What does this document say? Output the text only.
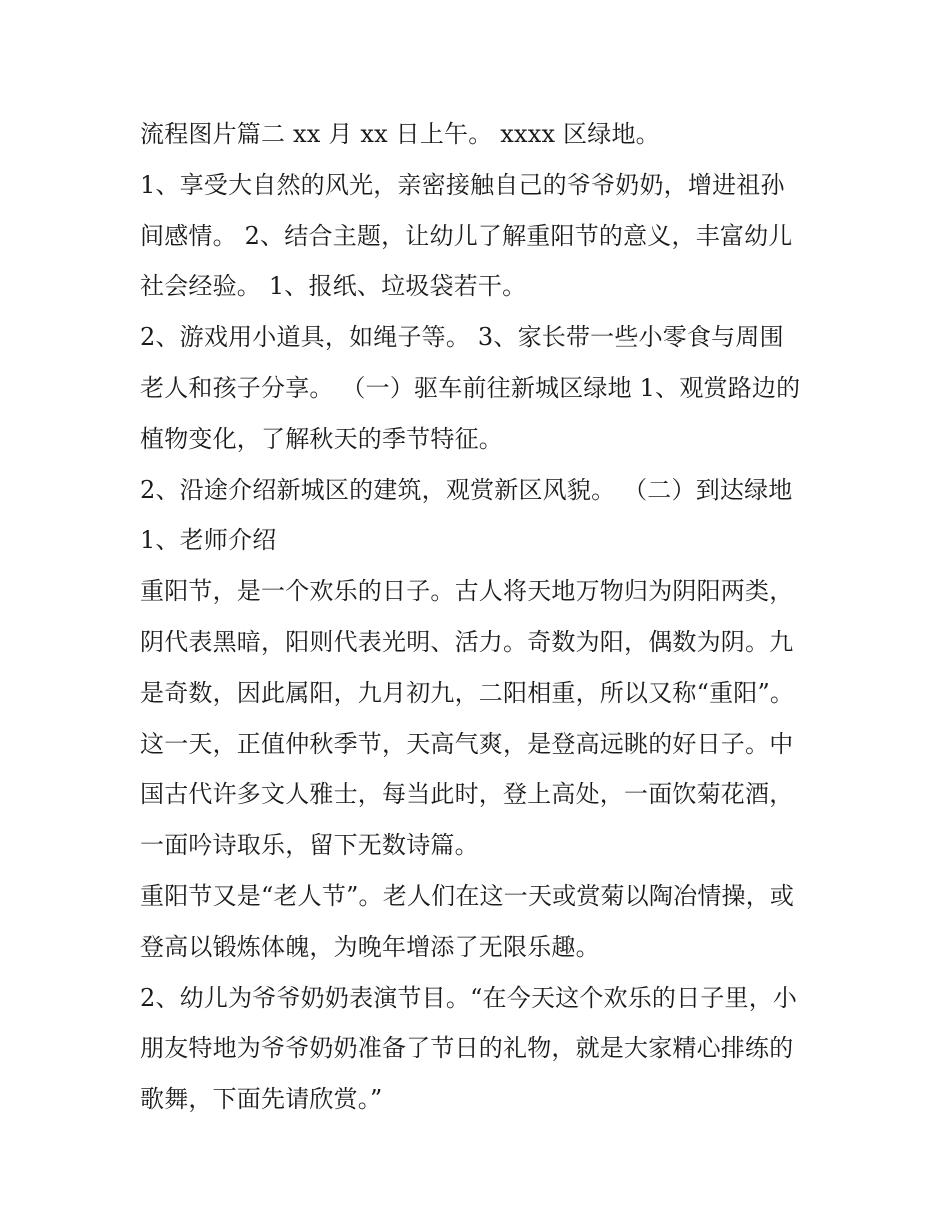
流程图片篇二 xx 月 xx 日上午。 xxxx 区绿地。
1、享受大自然的风光，亲密接触自己的爷爷奶奶，增进祖孙
间感情。 2、结合主题，让幼儿了解重阳节的意义，丰富幼儿
社会经验。 1、报纸、垃圾袋若干。
2、游戏用小道具，如绳子等。 3、家长带一些小零食与周围
老人和孩子分享。 （一）驱车前往新城区绿地 1、观赏路边的
植物变化，了解秋天的季节特征。
2、沿途介绍新城区的建筑，观赏新区风貌。 （二）到达绿地
1、老师介绍
重阳节，是一个欢乐的日子。古人将天地万物归为阴阳两类，
阴代表黑暗，阳则代表光明、活力。奇数为阳，偶数为阴。九
是奇数，因此属阳，九月初九，二阳相重，所以又称“重阳”。
这一天，正值仲秋季节，天高气爽，是登高远眺的好日子。中
国古代许多文人雅士，每当此时，登上高处，一面饮菊花酒，
一面吟诗取乐，留下无数诗篇。
重阳节又是“老人节”。老人们在这一天或赏菊以陶冶情操，或
登高以锻炼体魄，为晚年增添了无限乐趣。
2、幼儿为爷爷奶奶表演节目。“在今天这个欢乐的日子里，小
朋友特地为爷爷奶奶准备了节日的礼物，就是大家精心排练的
歌舞，下面先请欣赏。”
